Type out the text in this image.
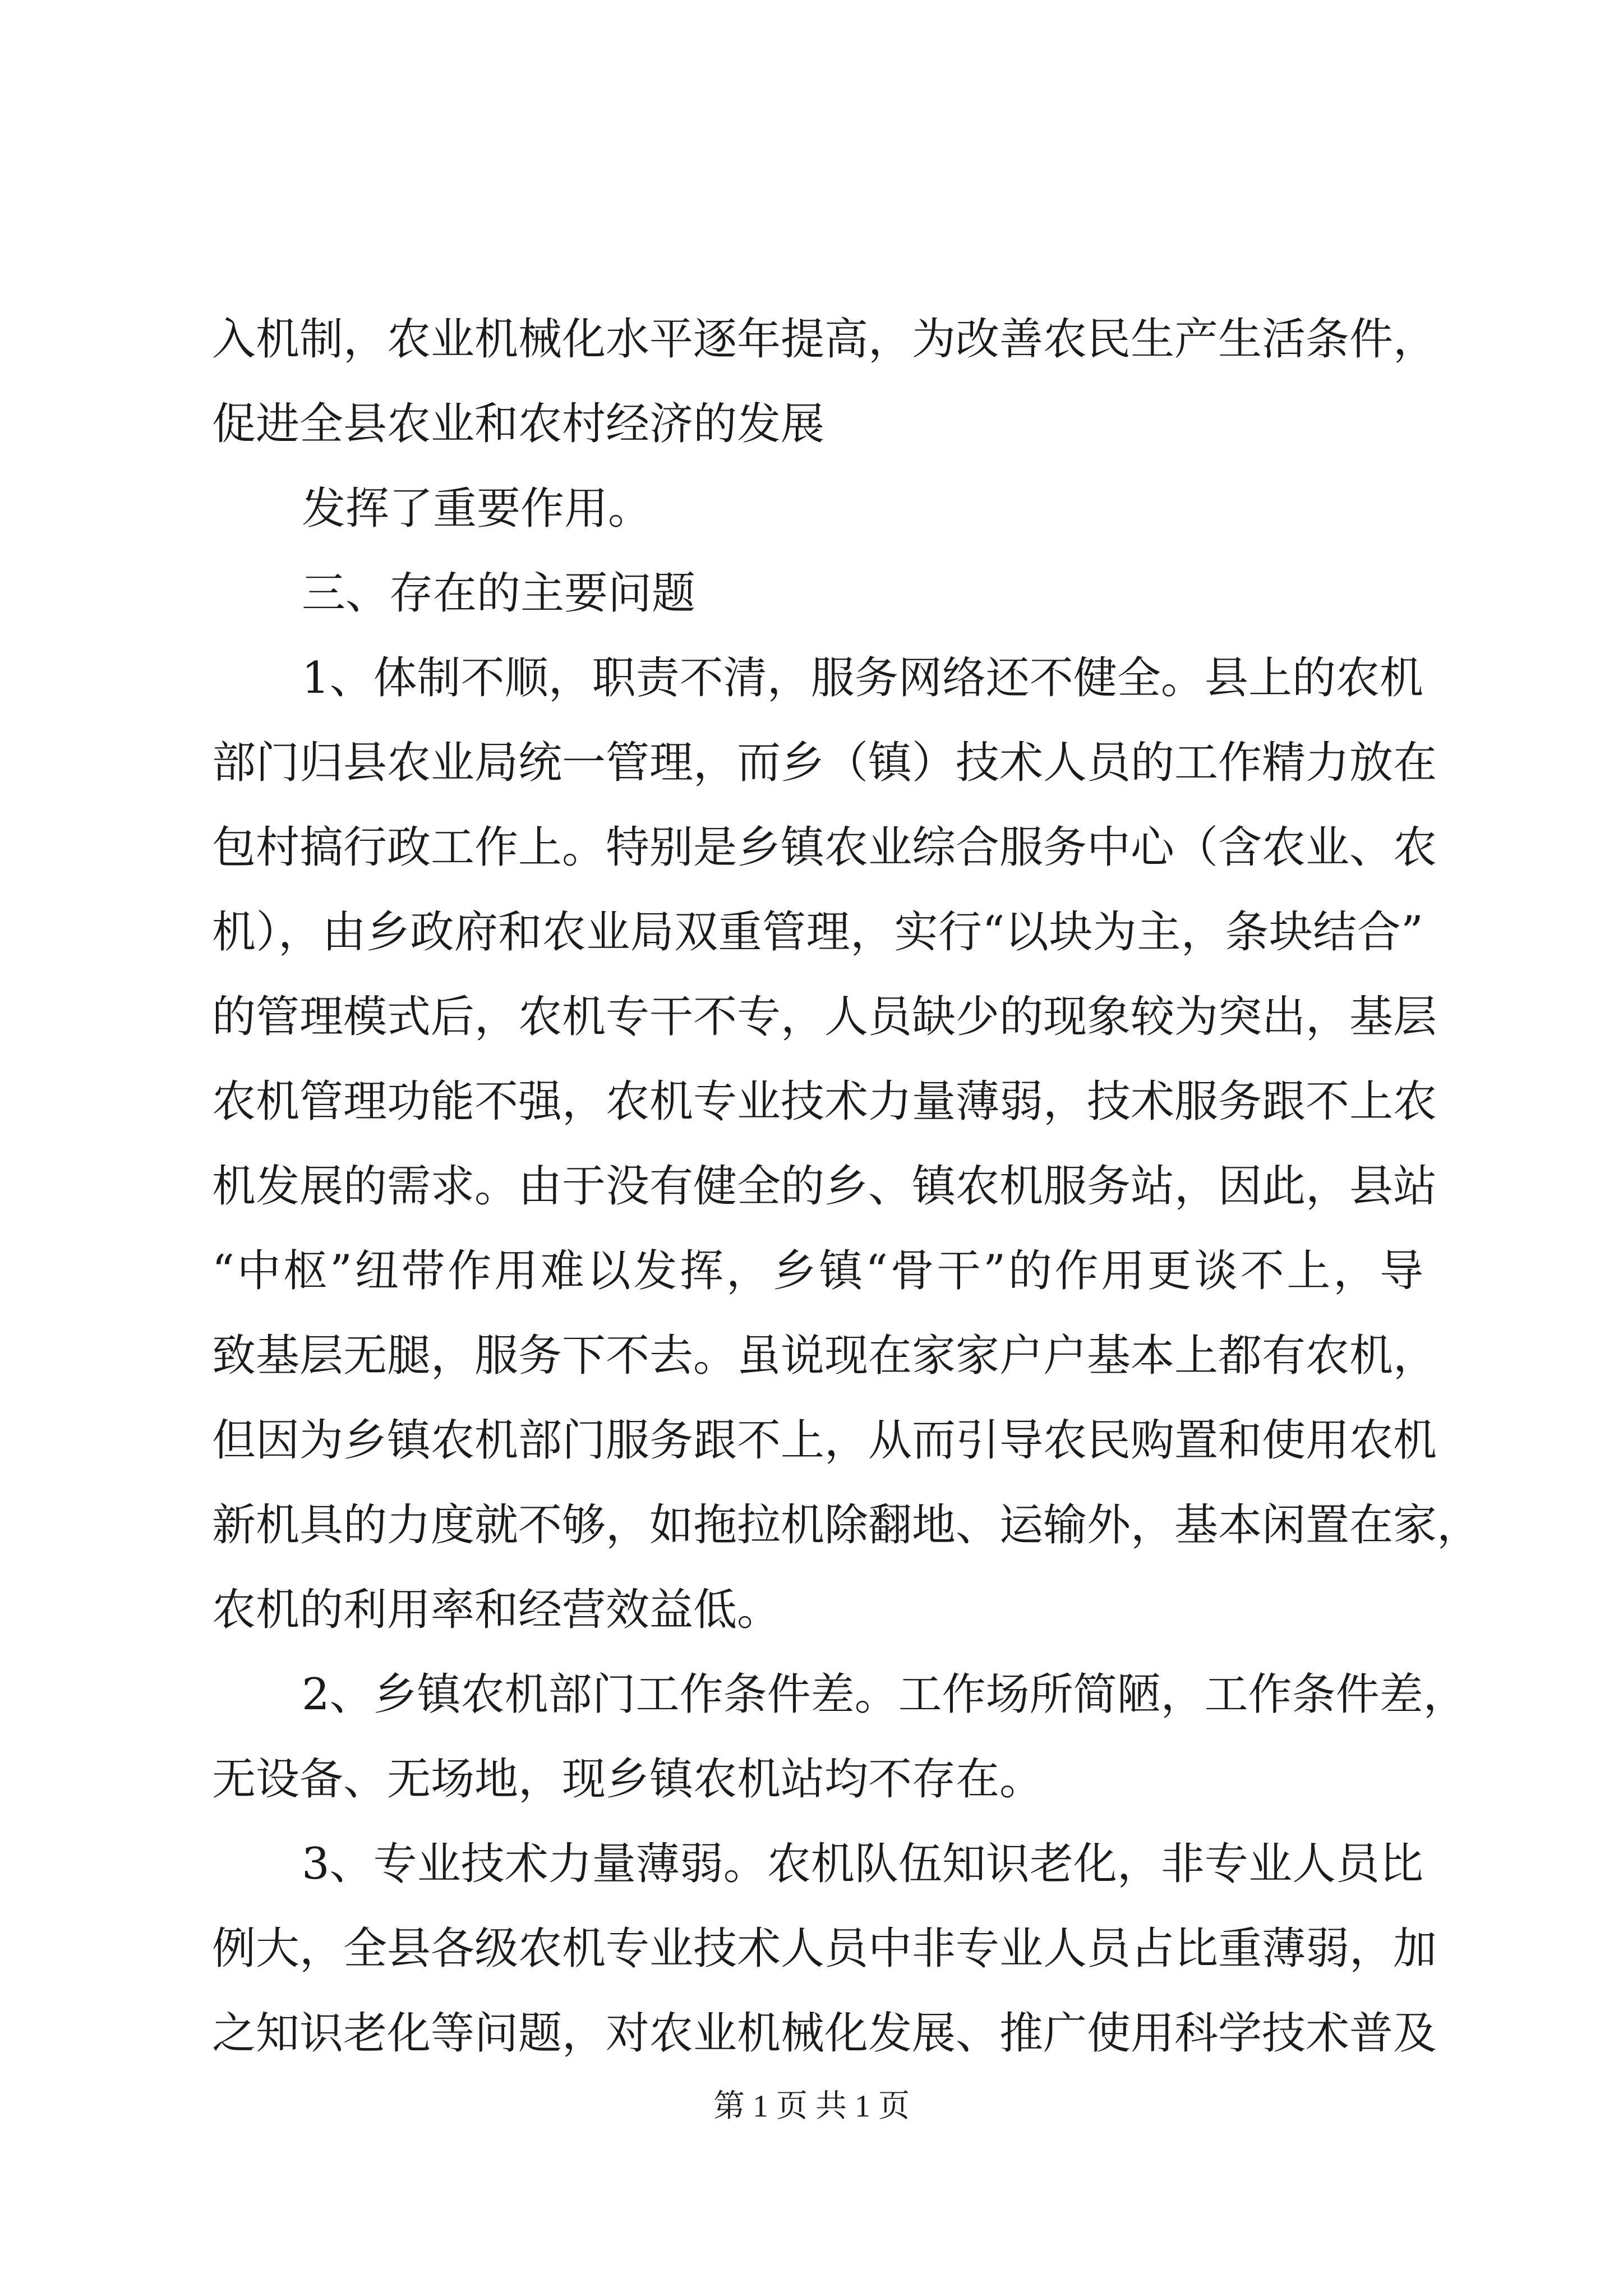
入机制，农业机械化水平逐年提高，为改善农民生产生活条件，
促进全县农业和农村经济的发展
发挥了重要作用。
三、存在的主要问题
1、体制不顺，职责不清，服务网络还不健全。县上的农机
部门归县农业局统一管理，而乡（镇）技术人员的工作精力放在
包村搞行政工作上。特别是乡镇农业综合服务中心（含农业、农
机），由乡政府和农业局双重管理，实行“以块为主，条块结合”
的管理模式后，农机专干不专，人员缺少的现象较为突出，基层
农机管理功能不强，农机专业技术力量薄弱，技术服务跟不上农
机发展的需求。由于没有健全的乡、镇农机服务站，因此，县站
“中枢”纽带作用难以发挥，乡镇“骨干”的作用更谈不上，导
致基层无腿，服务下不去。虽说现在家家户户基本上都有农机，
但因为乡镇农机部门服务跟不上，从而引导农民购置和使用农机
新机具的力度就不够，如拖拉机除翻地、运输外，基本闲置在家，
农机的利用率和经营效益低。
2、乡镇农机部门工作条件差。工作场所简陋，工作条件差，
无设备、无场地，现乡镇农机站均不存在。
3、专业技术力量薄弱。农机队伍知识老化，非专业人员比
例大，全县各级农机专业技术人员中非专业人员占比重薄弱，加
之知识老化等问题，对农业机械化发展、推广使用科学技术普及
第 1 页 共 1 页
